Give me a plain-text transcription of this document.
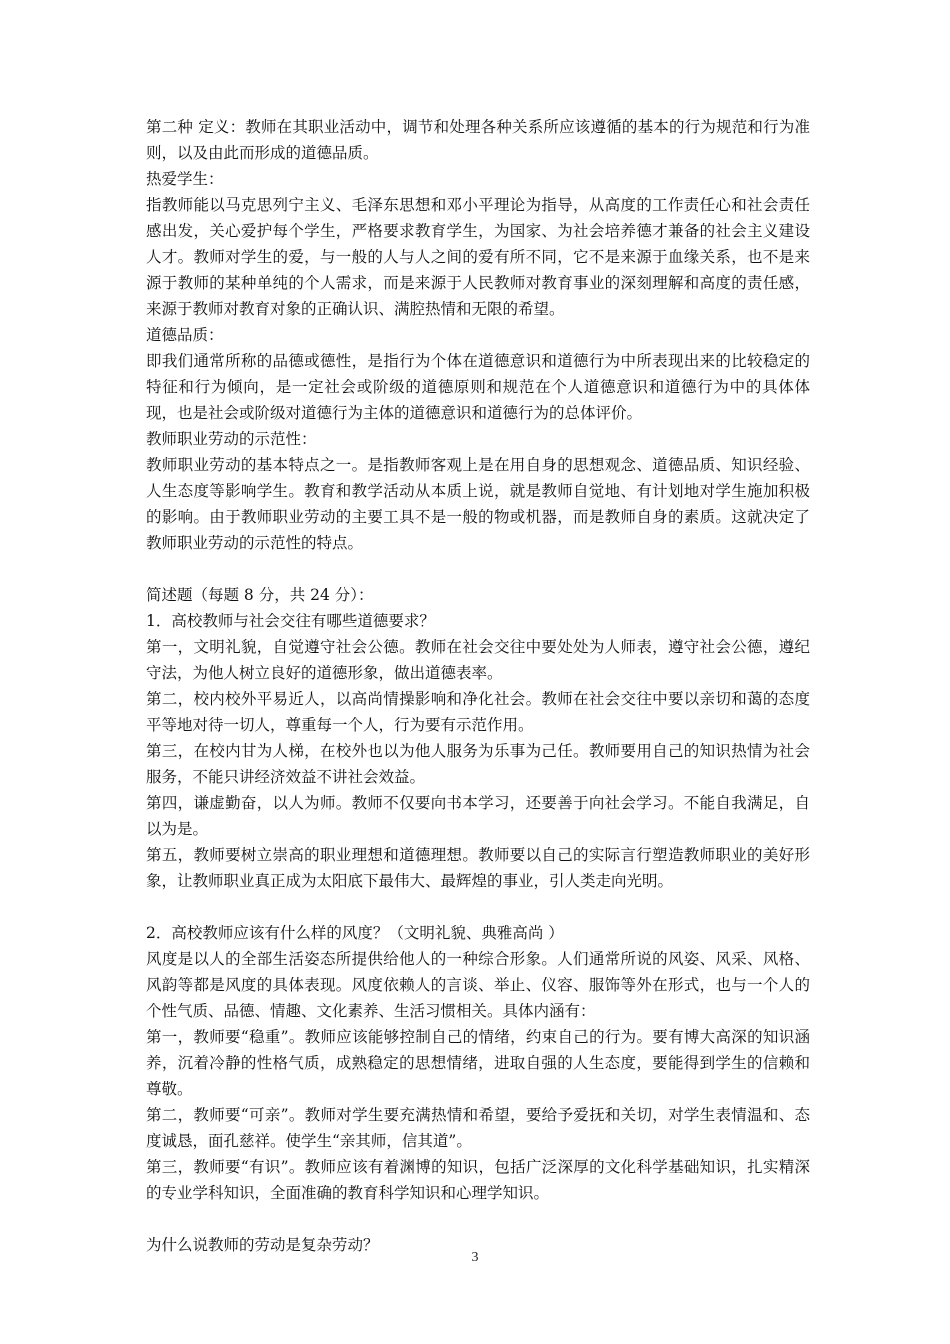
第二种 定义：教师在其职业活动中，调节和处理各种关系所应该遵循的基本的行为规范和行为准则，以及由此而形成的道德品质。

热爱学生：

指教师能以马克思列宁主义、毛泽东思想和邓小平理论为指导，从高度的工作责任心和社会责任感出发，关心爱护每个学生，严格要求教育学生，为国家、为社会培养德才兼备的社会主义建设人才。教师对学生的爱，与一般的人与人之间的爱有所不同，它不是来源于血缘关系，也不是来源于教师的某种单纯的个人需求，而是来源于人民教师对教育事业的深刻理解和高度的责任感，来源于教师对教育对象的正确认识、满腔热情和无限的希望。

道德品质：

即我们通常所称的品德或德性，是指行为个体在道德意识和道德行为中所表现出来的比较稳定的特征和行为倾向，是一定社会或阶级的道德原则和规范在个人道德意识和道德行为中的具体体现，也是社会或阶级对道德行为主体的道德意识和道德行为的总体评价。

教师职业劳动的示范性：

教师职业劳动的基本特点之一。是指教师客观上是在用自身的思想观念、道德品质、知识经验、人生态度等影响学生。教育和教学活动从本质上说，就是教师自觉地、有计划地对学生施加积极的影响。由于教师职业劳动的主要工具不是一般的物或机器，而是教师自身的素质。这就决定了教师职业劳动的示范性的特点。

简述题（每题 8 分，共 24 分）：

1．高校教师与社会交往有哪些道德要求？

第一，文明礼貌，自觉遵守社会公德。教师在社会交往中要处处为人师表，遵守社会公德，遵纪守法，为他人树立良好的道德形象，做出道德表率。

第二，校内校外平易近人，以高尚情操影响和净化社会。教师在社会交往中要以亲切和蔼的态度平等地对待一切人，尊重每一个人，行为要有示范作用。

第三，在校内甘为人梯，在校外也以为他人服务为乐事为己任。教师要用自己的知识热情为社会服务，不能只讲经济效益不讲社会效益。

第四，谦虚勤奋，以人为师。教师不仅要向书本学习，还要善于向社会学习。不能自我满足，自以为是。

第五，教师要树立崇高的职业理想和道德理想。教师要以自己的实际言行塑造教师职业的美好形象，让教师职业真正成为太阳底下最伟大、最辉煌的事业，引人类走向光明。

2．高校教师应该有什么样的风度？（文明礼貌、典雅高尚 ）

风度是以人的全部生活姿态所提供给他人的一种综合形象。人们通常所说的风姿、风采、风格、风韵等都是风度的具体表现。风度依赖人的言谈、举止、仪容、服饰等外在形式，也与一个人的个性气质、品德、情趣、文化素养、生活习惯相关。具体内涵有：

第一，教师要“稳重”。教师应该能够控制自己的情绪，约束自己的行为。要有博大高深的知识涵养，沉着冷静的性格气质，成熟稳定的思想情绪，进取自强的人生态度，要能得到学生的信赖和尊敬。

第二，教师要“可亲”。教师对学生要充满热情和希望，要给予爱抚和关切，对学生表情温和、态度诚恳，面孔慈祥。使学生“亲其师，信其道”。

第三，教师要“有识”。教师应该有着渊博的知识，包括广泛深厚的文化科学基础知识，扎实精深的专业学科知识，全面准确的教育科学知识和心理学知识。

为什么说教师的劳动是复杂劳动？

3
